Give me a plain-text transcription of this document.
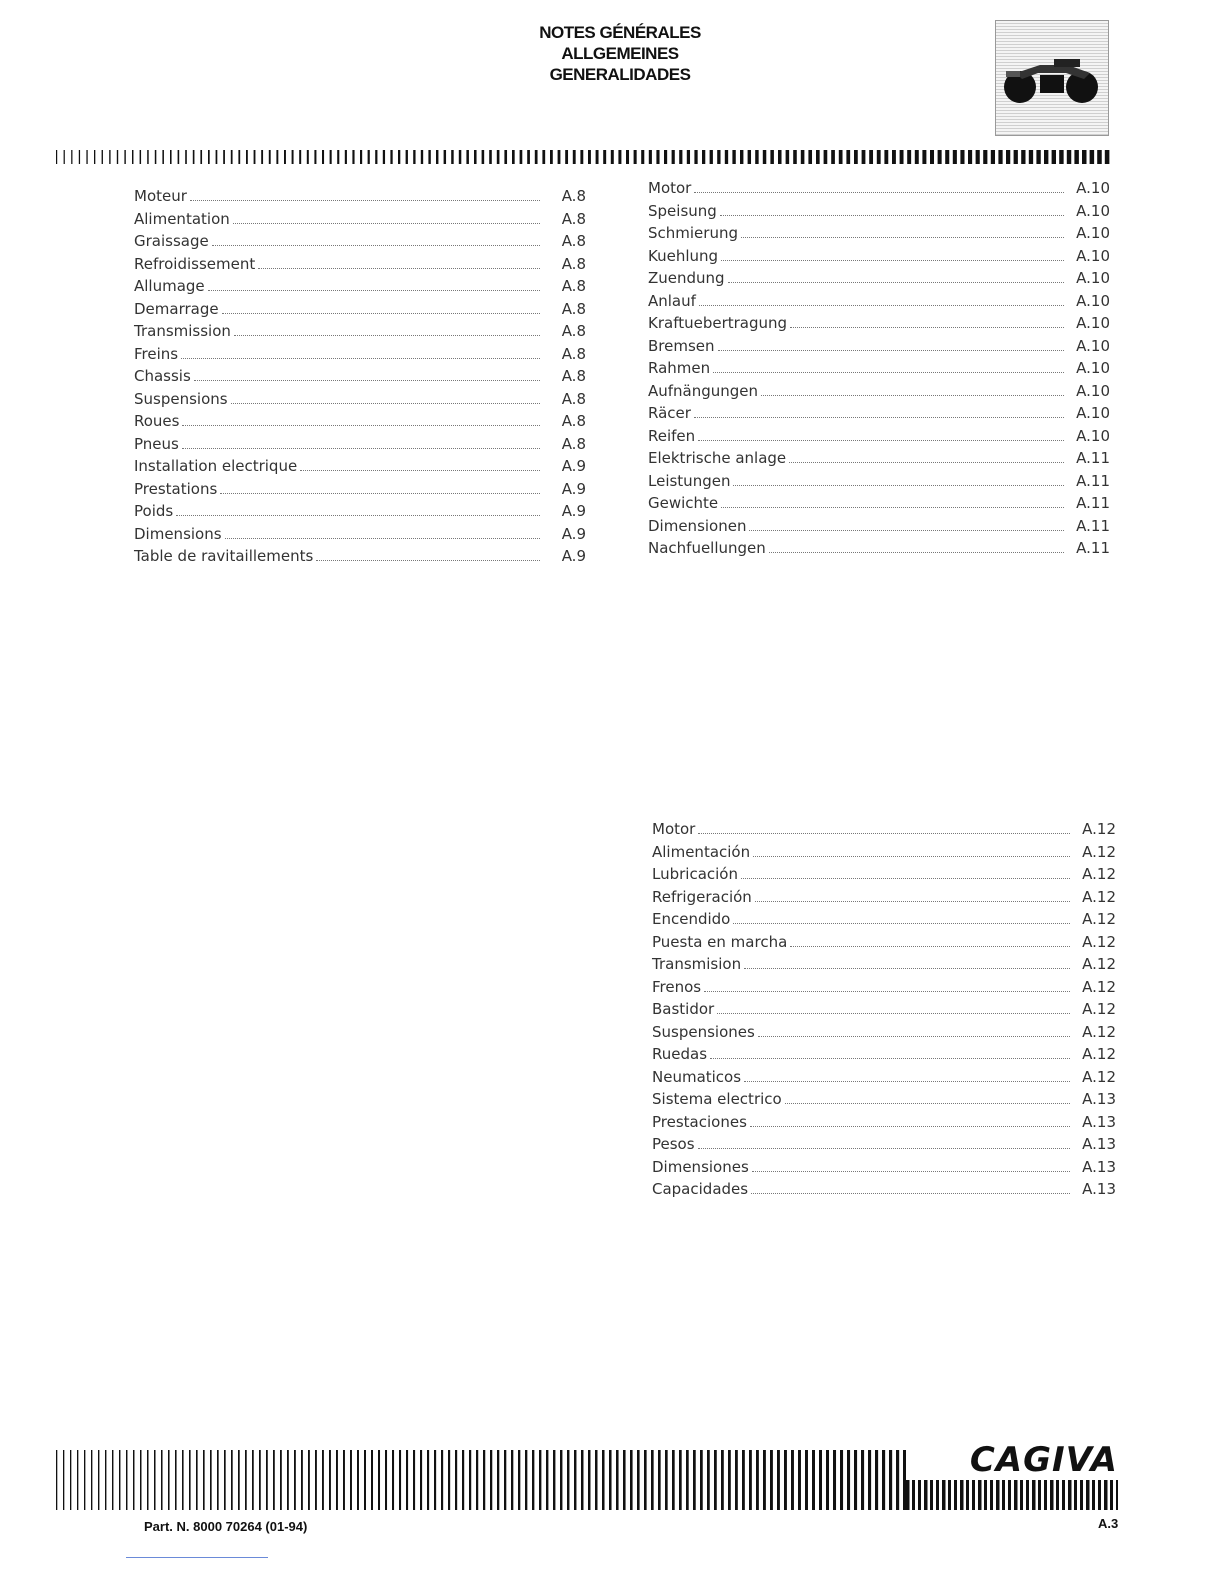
NOTES GÉNÉRALES
ALLGEMEINES
GENERALIDADES
Moteur	A.8
Alimentation	A.8
Graissage	A.8
Refroidissement	A.8
Allumage	A.8
Demarrage	A.8
Transmission	A.8
Freins	A.8
Chassis	A.8
Suspensions	A.8
Roues	A.8
Pneus	A.8
Installation electrique	A.9
Prestations	A.9
Poids	A.9
Dimensions	A.9
Table de ravitaillements	A.9
Motor	A.10
Speisung	A.10
Schmierung	A.10
Kuehlung	A.10
Zuendung	A.10
Anlauf	A.10
Kraftuebertragung	A.10
Bremsen	A.10
Rahmen	A.10
Aufnängungen	A.10
Räcer	A.10
Reifen	A.10
Elektrische anlage	A.11
Leistungen	A.11
Gewichte	A.11
Dimensionen	A.11
Nachfuellungen	A.11
Motor	A.12
Alimentación	A.12
Lubricación	A.12
Refrigeración	A.12
Encendido	A.12
Puesta en marcha	A.12
Transmision	A.12
Frenos	A.12
Bastidor	A.12
Suspensiones	A.12
Ruedas	A.12
Neumaticos	A.12
Sistema electrico	A.13
Prestaciones	A.13
Pesos	A.13
Dimensiones	A.13
Capacidades	A.13
CAGIVA
Part. N. 8000 70264 (01-94)	A.3
